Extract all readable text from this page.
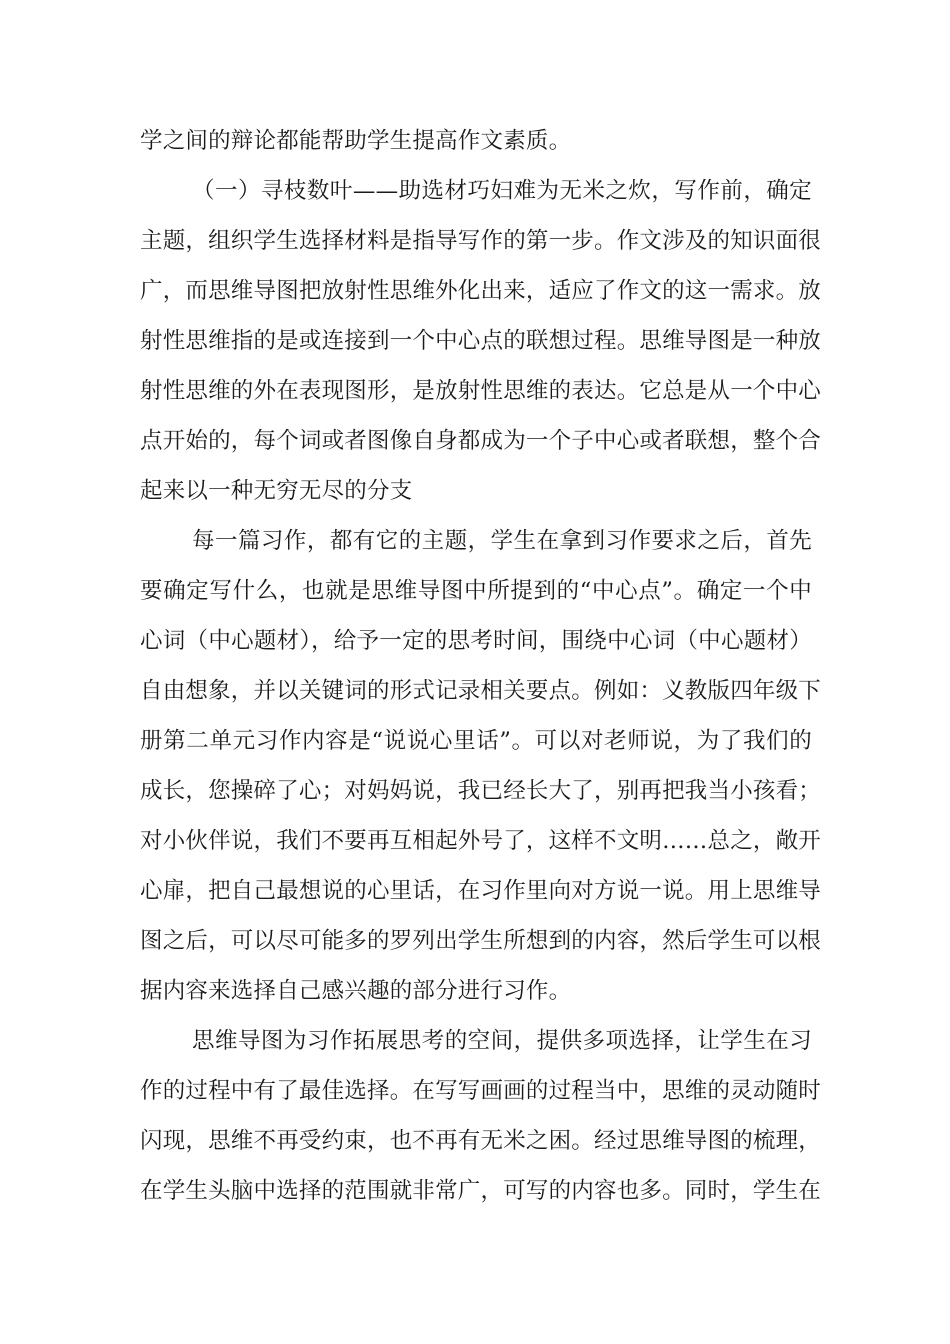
学之间的辩论都能帮助学生提高作文素质。
（一）寻枝数叶——助选材巧妇难为无米之炊，写作前，确定
主题，组织学生选择材料是指导写作的第一步。作文涉及的知识面很
广，而思维导图把放射性思维外化出来，适应了作文的这一需求。放
射性思维指的是或连接到一个中心点的联想过程。思维导图是一种放
射性思维的外在表现图形，是放射性思维的表达。它总是从一个中心
点开始的，每个词或者图像自身都成为一个子中心或者联想，整个合
起来以一种无穷无尽的分支
每一篇习作，都有它的主题，学生在拿到习作要求之后，首先
要确定写什么，也就是思维导图中所提到的“中心点”。确定一个中
心词（中心题材），给予一定的思考时间，围绕中心词（中心题材）
自由想象，并以关键词的形式记录相关要点。例如：义教版四年级下
册第二单元习作内容是“说说心里话”。可以对老师说，为了我们的
成长，您操碎了心；对妈妈说，我已经长大了，别再把我当小孩看；
对小伙伴说，我们不要再互相起外号了，这样不文明……总之，敞开
心扉，把自己最想说的心里话，在习作里向对方说一说。用上思维导
图之后，可以尽可能多的罗列出学生所想到的内容，然后学生可以根
据内容来选择自己感兴趣的部分进行习作。
思维导图为习作拓展思考的空间，提供多项选择，让学生在习
作的过程中有了最佳选择。在写写画画的过程当中，思维的灵动随时
闪现，思维不再受约束，也不再有无米之困。经过思维导图的梳理，
在学生头脑中选择的范围就非常广，可写的内容也多。同时，学生在
